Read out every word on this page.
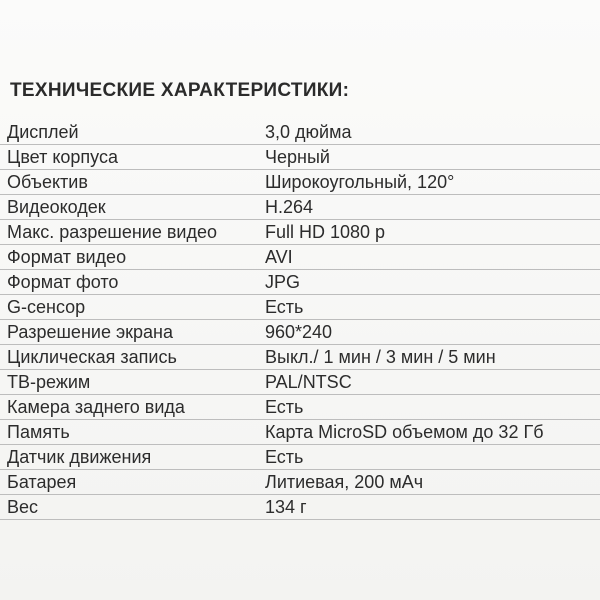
ТЕХНИЧЕСКИЕ ХАРАКТЕРИСТИКИ:
Дисплей	3,0 дюйма
Цвет корпуса	Черный
Объектив	Широкоугольный, 120°
Видеокодек	H.264
Макс. разрешение видео	Full HD 1080 p
Формат видео	AVI
Формат фото	JPG
G-сенсор	Есть
Разрешение экрана	960*240
Циклическая запись	Выкл./ 1 мин / 3 мин / 5 мин
ТВ-режим	PAL/NTSC
Камера заднего вида	Есть
Память	Карта MicroSD объемом до 32 Гб
Датчик движения	Есть
Батарея	Литиевая, 200 мАч
Вес	134 г
